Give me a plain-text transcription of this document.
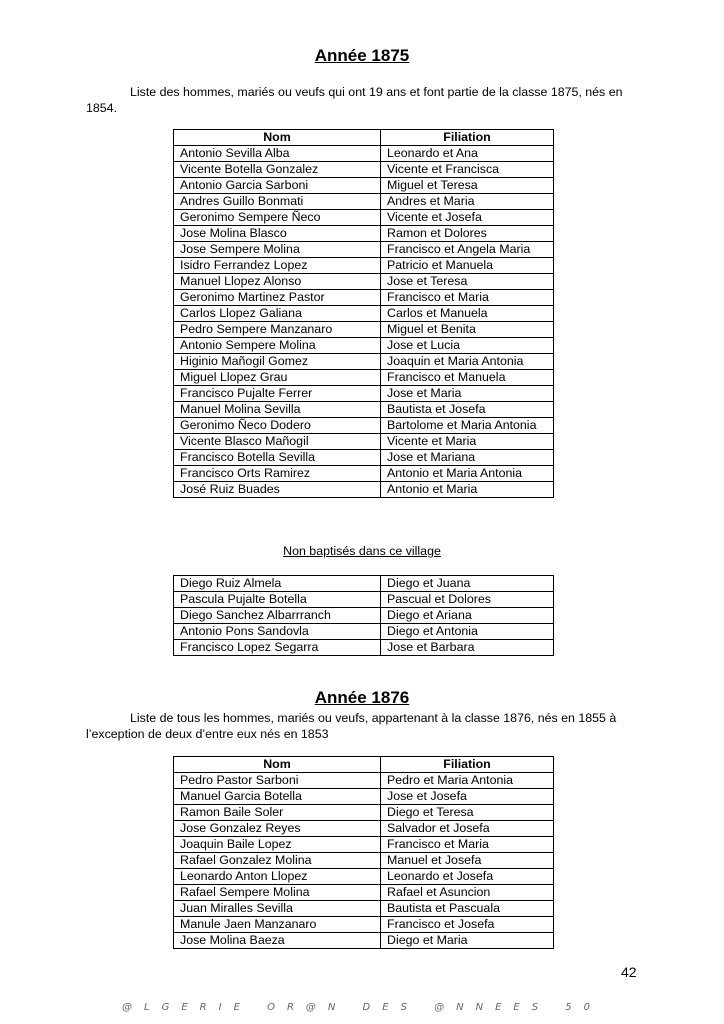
Année 1875
Liste des hommes, mariés ou veufs qui ont 19 ans et font partie de la classe 1875, nés en 1854.
Nom	Filiation
Antonio Sevilla Alba	Leonardo et Ana
Vicente Botella Gonzalez	Vicente et Francisca
Antonio Garcia Sarboni	Miguel et Teresa
Andres Guillo Bonmati	Andres et Maria
Geronimo Sempere Ñeco	Vicente et Josefa
Jose Molina Blasco	Ramon et Dolores
Jose Sempere Molina	Francisco et Angela Maria
Isidro Ferrandez Lopez	Patricio et Manuela
Manuel Llopez Alonso	Jose et Teresa
Geronimo Martinez Pastor	Francisco et Maria
Carlos Llopez Galiana	Carlos et Manuela
Pedro Sempere Manzanaro	Miguel et Benita
Antonio Sempere Molina	Jose et Lucia
Higinio Mañogil Gomez	Joaquin et Maria Antonia
Miguel Llopez Grau	Francisco et Manuela
Francisco Pujalte Ferrer	Jose et Maria
Manuel Molina Sevilla	Bautista et Josefa
Geronimo Ñeco Dodero	Bartolome et Maria Antonia
Vicente Blasco Mañogil	Vicente et Maria
Francisco Botella Sevilla	Jose et Mariana
Francisco Orts Ramirez	Antonio et Maria Antonia
José Ruiz Buades	Antonio et Maria
Non baptisés dans ce village
Diego Ruiz Almela	Diego et Juana
Pascula Pujalte Botella	Pascual et Dolores
Diego Sanchez Albarrranch	Diego et Ariana
Antonio Pons Sandovla	Diego et Antonia
Francisco Lopez Segarra	Jose et Barbara
Année 1876
Liste de tous les hommes, mariés ou veufs, appartenant à la classe 1876, nés en 1855 à l’exception de deux d’entre eux nés en 1853
Nom	Filiation
Pedro Pastor Sarboni	Pedro et Maria Antonia
Manuel Garcia Botella	Jose et Josefa
Ramon Baile Soler	Diego et Teresa
Jose Gonzalez Reyes	Salvador et Josefa
Joaquin Baile Lopez	Francisco et Maria
Rafael Gonzalez Molina	Manuel et Josefa
Leonardo Anton Llopez	Leonardo et Josefa
Rafael Sempere Molina	Rafael et Asuncion
Juan Miralles Sevilla	Bautista et Pascuala
Manule Jaen Manzanaro	Francisco et Josefa
Jose Molina Baeza	Diego et Maria
42
@LGERIE OR@N DES @NNEES 50
